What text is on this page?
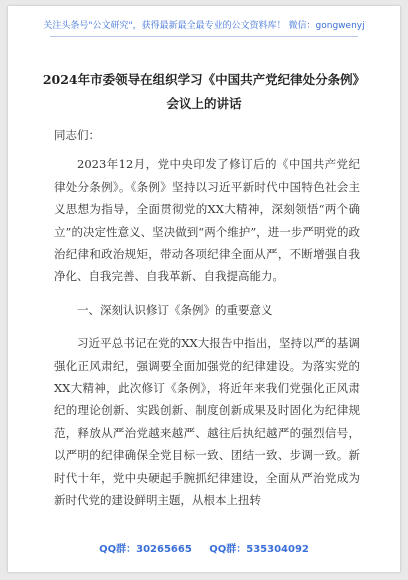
关注头条号"公文研究"，获得最新最全最专业的公文资料库！ 微信：gongwenyj
2024年市委领导在组织学习《中国共产党纪律处分条例》
会议上的讲话

同志们：

2023年12月，党中央印发了修订后的《中国共产党纪律处分条例》。《条例》坚持以习近平新时代中国特色社会主义思想为指导，全面贯彻党的XX大精神，深刻领悟“两个确立”的决定性意义、坚决做到“两个维护”，进一步严明党的政治纪律和政治规矩，带动各项纪律全面从严，不断增强自我净化、自我完善、自我革新、自我提高能力。

一、深刻认识修订《条例》的重要意义

习近平总书记在党的XX大报告中指出，坚持以严的基调强化正风肃纪，强调要全面加强党的纪律建设。为落实党的XX大精神，此次修订《条例》，将近年来我们党强化正风肃纪的理论创新、实践创新、制度创新成果及时固化为纪律规范，释放从严治党越来越严、越往后执纪越严的强烈信号，以严明的纪律确保全党目标一致、团结一致、步调一致。新时代十年，党中央硬起手腕抓纪律建设，全面从严治党成为新时代党的建设鲜明主题，从根本上扭转

QQ群：30265665 QQ群：535304092
